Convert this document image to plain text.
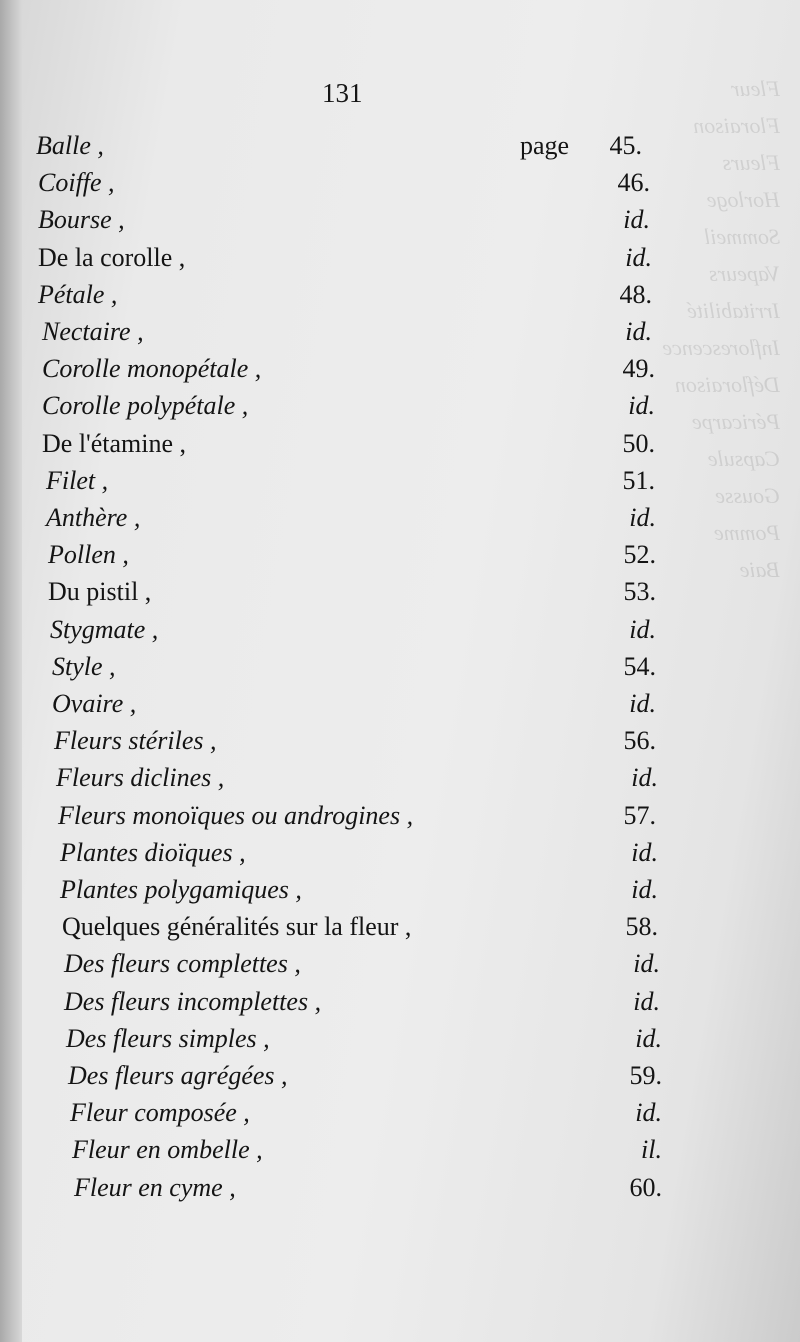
Fleur
Floraison
Fleurs
Horloge
Sommeil
Vapeurs
Irritabilité
Inflorescence
Défloraison
Péricarpe
Capsule
Gousse
Pomme
Baie
131
Balle ,	page 45.
Coiffe ,	46.
Bourse ,	id.
De la corolle ,	id.
Pétale ,	48.
Nectaire ,	id.
Corolle monopétale ,	49.
Corolle polypétale ,	id.
De l'étamine ,	50.
Filet ,	51.
Anthère ,	id.
Pollen ,	52.
Du pistil ,	53.
Stygmate ,	id.
Style ,	54.
Ovaire ,	id.
Fleurs stériles ,	56.
Fleurs diclines ,	id.
Fleurs monoïques ou androgines ,	57.
Plantes dioïques ,	id.
Plantes polygamiques ,	id.
Quelques généralités sur la fleur ,	58.
Des fleurs complettes ,	id.
Des fleurs incomplettes ,	id.
Des fleurs simples ,	id.
Des fleurs agrégées ,	59.
Fleur composée ,	id.
Fleur en ombelle ,	il.
Fleur en cyme ,	60.
